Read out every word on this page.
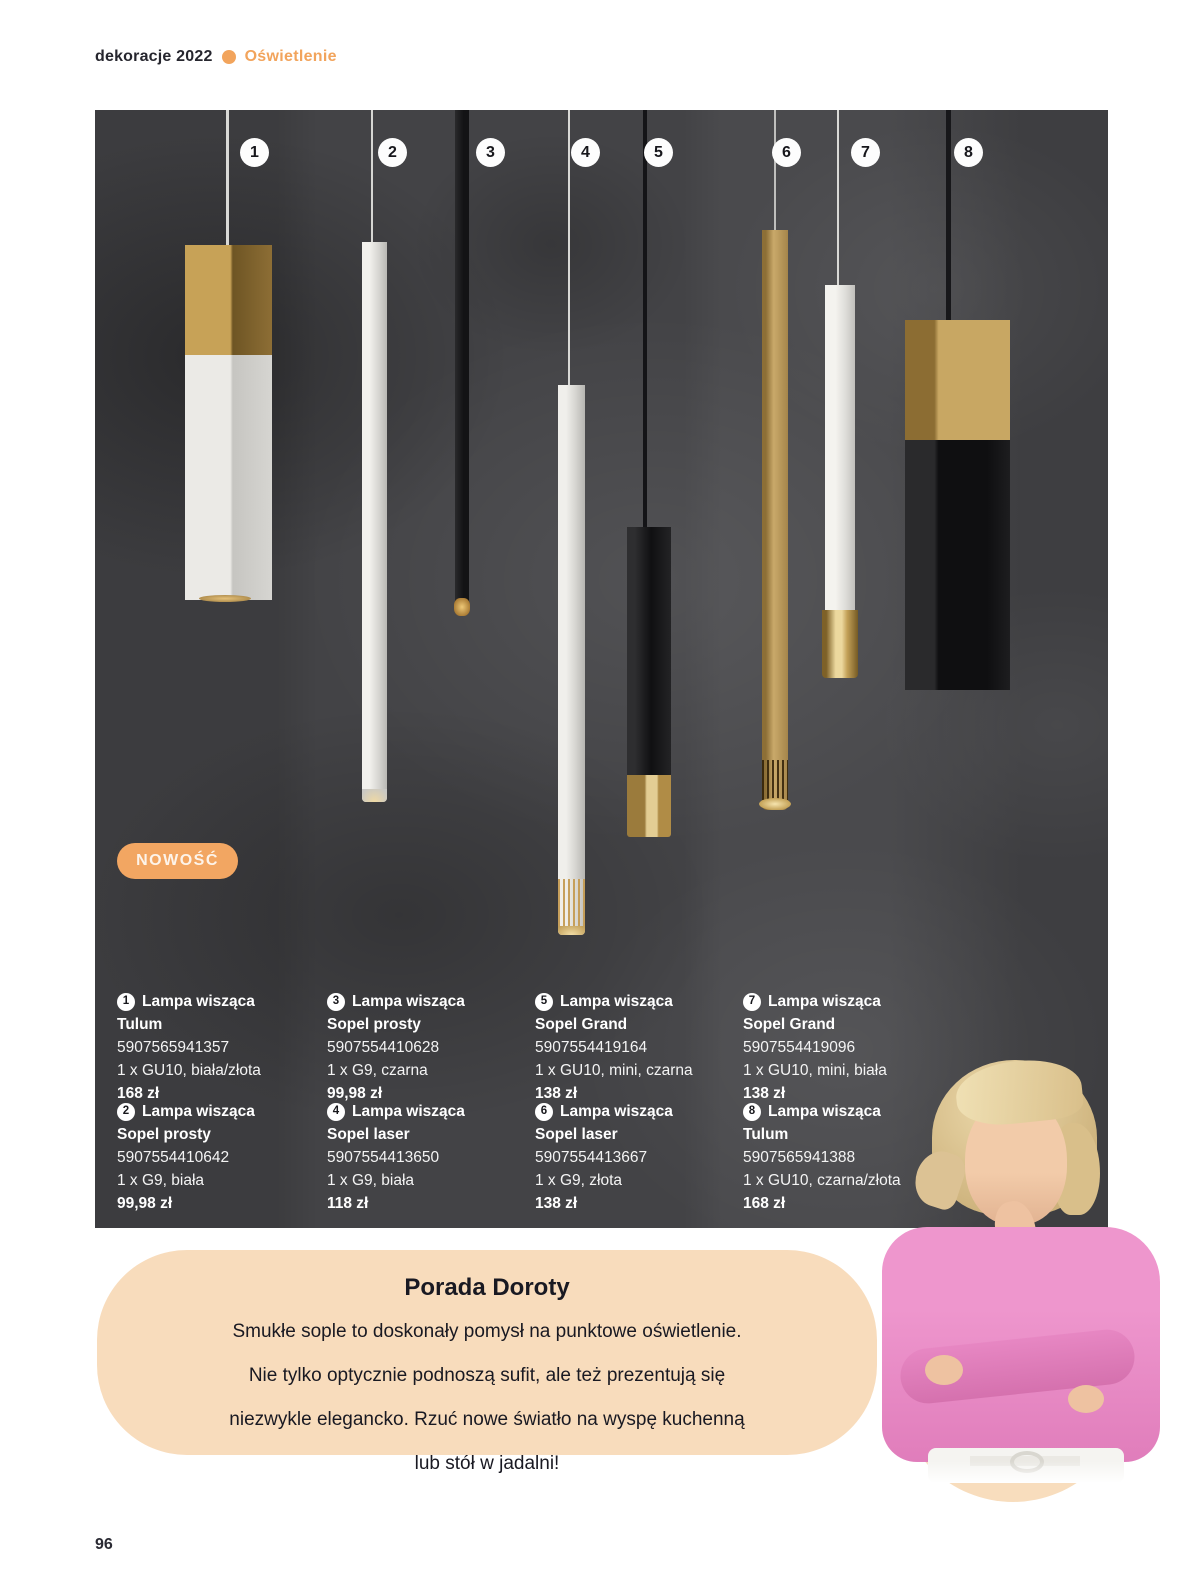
dekoracje 2022 Oświetlenie
1	2	3	4	5	6	7	8
NOWOŚĆ
1 Lampa wisząca
Tulum
5907565941357
1 x GU10, biała/złota
168 zł
2 Lampa wisząca
Sopel prosty
5907554410642
1 x G9, biała
99,98 zł
3 Lampa wisząca
Sopel prosty
5907554410628
1 x G9, czarna
99,98 zł
4 Lampa wisząca
Sopel laser
5907554413650
1 x G9, biała
118 zł
5 Lampa wisząca
Sopel Grand
5907554419164
1 x GU10, mini, czarna
138 zł
6 Lampa wisząca
Sopel laser
5907554413667
1 x G9, złota
138 zł
7 Lampa wisząca
Sopel Grand
5907554419096
1 x GU10, mini, biała
138 zł
8 Lampa wisząca
Tulum
5907565941388
1 x GU10, czarna/złota
168 zł
Porada Doroty
Smukłe sople to doskonały pomysł na punktowe oświetlenie.
Nie tylko optycznie podnoszą sufit, ale też prezentują się
niezwykle elegancko. Rzuć nowe światło na wyspę kuchenną
lub stół w jadalni!
96
